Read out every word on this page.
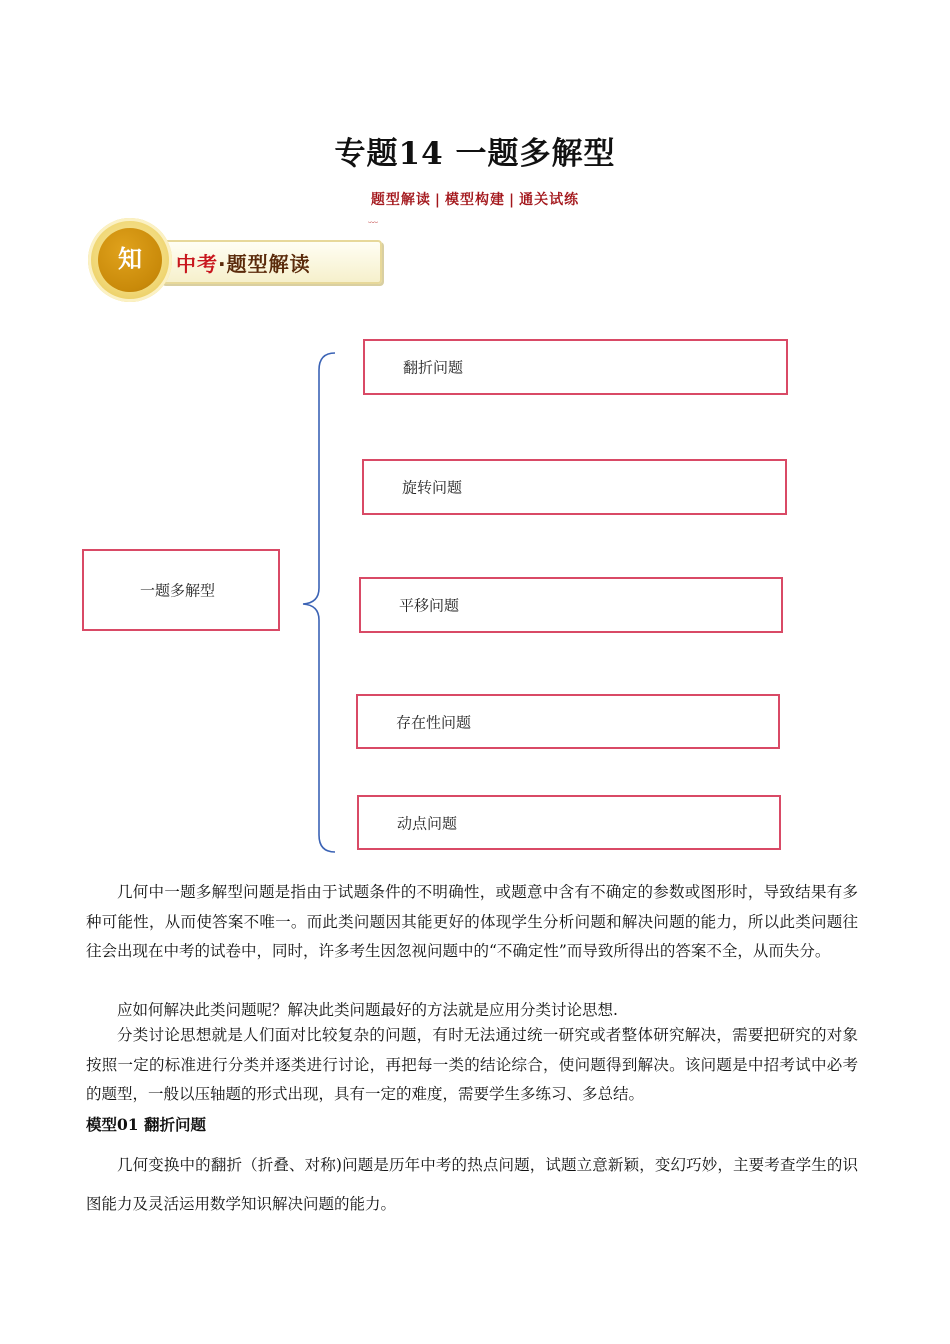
专题14 一题多解型
题型解读 | 模型构建 | 通关试练
﹏
中考·题型解读
知
一题多解型
翻折问题
旋转问题
平移问题
存在性问题
动点问题

几何中一题多解型问题是指由于试题条件的不明确性，或题意中含有不确定的参数或图形时，导致结果有多种可能性，从而使答案不唯一。而此类问题因其能更好的体现学生分析问题和解决问题的能力，所以此类问题往往会出现在中考的试卷中，同时，许多考生因忽视问题中的“不确定性”而导致所得出的答案不全，从而失分。

应如何解决此类问题呢？解决此类问题最好的方法就是应用分类讨论思想.

分类讨论思想就是人们面对比较复杂的问题，有时无法通过统一研究或者整体研究解决，需要把研究的对象按照一定的标准进行分类并逐类进行讨论，再把每一类的结论综合，使问题得到解决。该问题是中招考试中必考的题型，一般以压轴题的形式出现，具有一定的难度，需要学生多练习、多总结。

模型01 翻折问题

几何变换中的翻折（折叠、对称)问题是历年中考的热点问题，试题立意新颖，变幻巧妙，主要考查学生的识图能力及灵活运用数学知识解决问题的能力。
